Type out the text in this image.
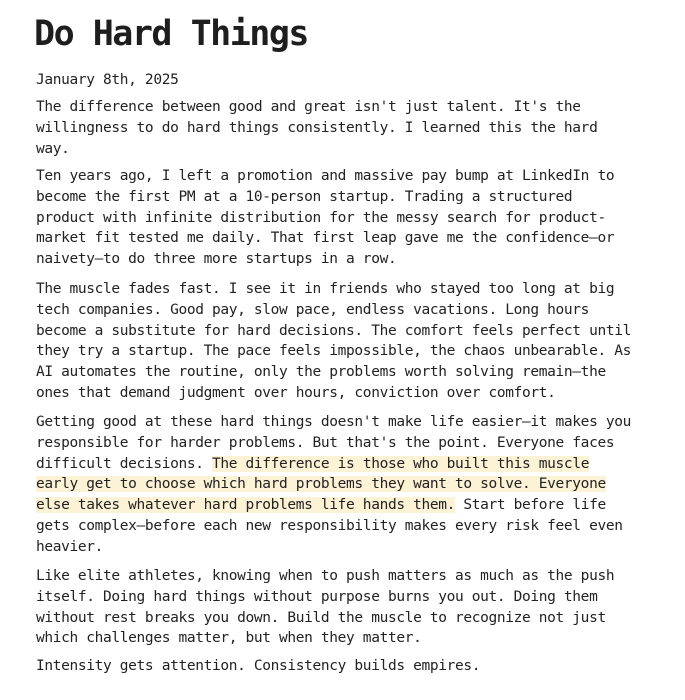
Do Hard Things
January 8th, 2025

The difference between good and great isn't just talent. It's the
willingness to do hard things consistently. I learned this the hard
way.

Ten years ago, I left a promotion and massive pay bump at LinkedIn to
become the first PM at a 10-person startup. Trading a structured
product with infinite distribution for the messy search for product-
market fit tested me daily. That first leap gave me the confidence—or
naivety—to do three more startups in a row.

The muscle fades fast. I see it in friends who stayed too long at big
tech companies. Good pay, slow pace, endless vacations. Long hours
become a substitute for hard decisions. The comfort feels perfect until
they try a startup. The pace feels impossible, the chaos unbearable. As
AI automates the routine, only the problems worth solving remain—the
ones that demand judgment over hours, conviction over comfort.

Getting good at these hard things doesn't make life easier—it makes you
responsible for harder problems. But that's the point. Everyone faces
difficult decisions. The difference is those who built this muscle
early get to choose which hard problems they want to solve. Everyone
else takes whatever hard problems life hands them. Start before life
gets complex—before each new responsibility makes every risk feel even
heavier.

Like elite athletes, knowing when to push matters as much as the push
itself. Doing hard things without purpose burns you out. Doing them
without rest breaks you down. Build the muscle to recognize not just
which challenges matter, but when they matter.

Intensity gets attention. Consistency builds empires.
